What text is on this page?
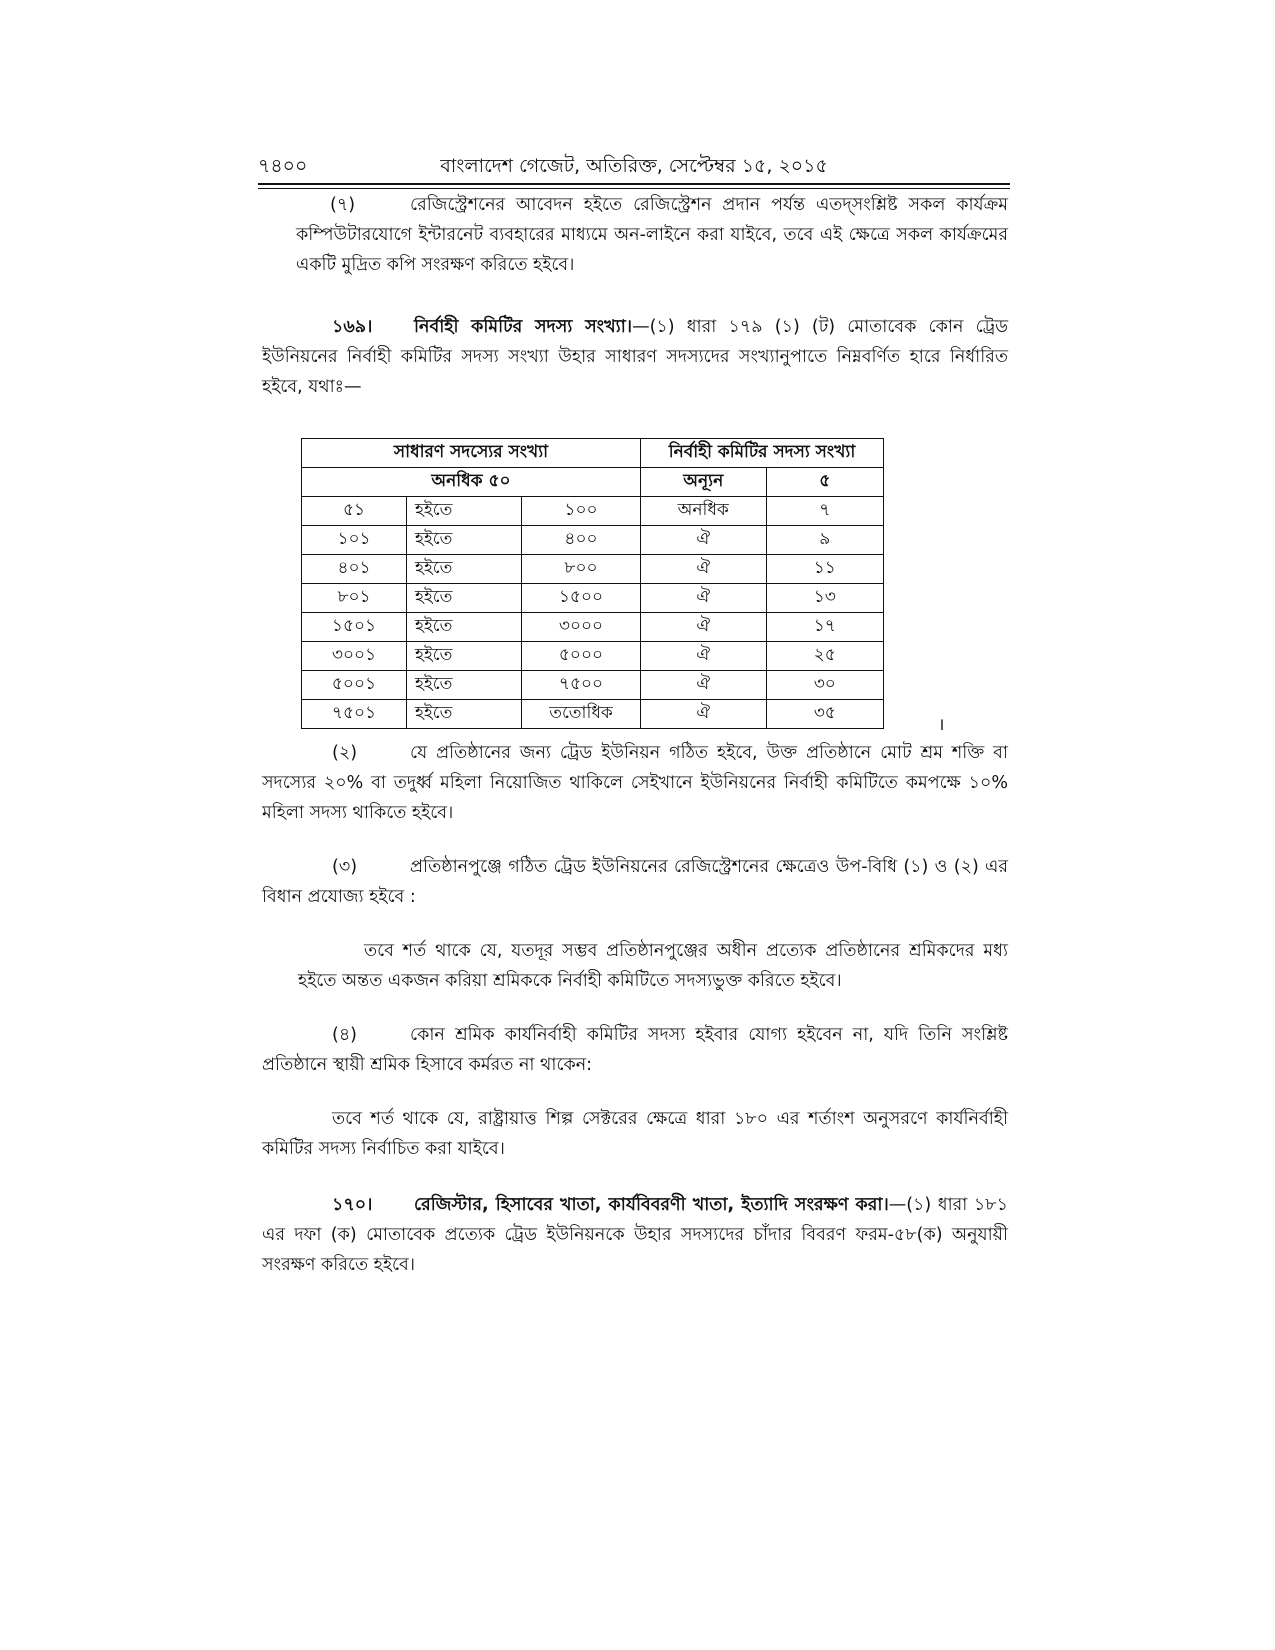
৭৪০০	বাংলাদেশ গেজেট, অতিরিক্ত, সেপ্টেম্বর ১৫, ২০১৫
(৭)	রেজিস্ট্রেশনের আবেদন হইতে রেজিস্ট্রেশন প্রদান পর্যন্ত এতদ্‌সংশ্লিষ্ট সকল কার্যক্রম কম্পিউটারযোগে ইন্টারনেট ব্যবহারের মাধ্যমে অন-লাইনে করা যাইবে, তবে এই ক্ষেত্রে সকল কার্যক্রমের একটি মুদ্রিত কপি সংরক্ষণ করিতে হইবে।
১৬৯। নির্বাহী কমিটির সদস্য সংখ্যা।—(১) ধারা ১৭৯ (১) (ট) মোতাবেক কোন ট্রেড ইউনিয়নের নির্বাহী কমিটির সদস্য সংখ্যা উহার সাধারণ সদস্যদের সংখ্যানুপাতে নিম্নবর্ণিত হারে নির্ধারিত হইবে, যথাঃ—
সাধারণ সদস্যের সংখ্যা			নির্বাহী কমিটির সদস্য সংখ্যা	
অনধিক ৫০			অন্যূন	৫
৫১	হইতে	১০০	অনধিক	৭
১০১	হইতে	৪০০	ঐ	৯
৪০১	হইতে	৮০০	ঐ	১১
৮০১	হইতে	১৫০০	ঐ	১৩
১৫০১	হইতে	৩০০০	ঐ	১৭
৩০০১	হইতে	৫০০০	ঐ	২৫
৫০০১	হইতে	৭৫০০	ঐ	৩০
৭৫০১	হইতে	ততোধিক	ঐ	৩৫
।
(২)	যে প্রতিষ্ঠানের জন্য ট্রেড ইউনিয়ন গঠিত হইবে, উক্ত প্রতিষ্ঠানে মোট শ্রম শক্তি বা সদস্যের ২০% বা তদুর্ধ্ব মহিলা নিয়োজিত থাকিলে সেইখানে ইউনিয়নের নির্বাহী কমিটিতে কমপক্ষে ১০% মহিলা সদস্য থাকিতে হইবে।
(৩)	প্রতিষ্ঠানপুঞ্জে গঠিত ট্রেড ইউনিয়নের রেজিস্ট্রেশনের ক্ষেত্রেও উপ-বিধি (১) ও (২) এর বিধান প্রযোজ্য হইবে :
তবে শর্ত থাকে যে, যতদূর সম্ভব প্রতিষ্ঠানপুঞ্জের অধীন প্রত্যেক প্রতিষ্ঠানের শ্রমিকদের মধ্য হইতে অন্তত একজন করিয়া শ্রমিককে নির্বাহী কমিটিতে সদস্যভুক্ত করিতে হইবে।
(৪)	কোন শ্রমিক কার্যনির্বাহী কমিটির সদস্য হইবার যোগ্য হইবেন না, যদি তিনি সংশ্লিষ্ট প্রতিষ্ঠানে স্থায়ী শ্রমিক হিসাবে কর্মরত না থাকেন:
তবে শর্ত থাকে যে, রাষ্ট্রায়াত্ত শিল্প সেক্টরের ক্ষেত্রে ধারা ১৮০ এর শর্তাংশ অনুসরণে কার্যনির্বাহী কমিটির সদস্য নির্বাচিত করা যাইবে।
১৭০। রেজিস্টার, হিসাবের খাতা, কার্যবিবরণী খাতা, ইত্যাদি সংরক্ষণ করা।—(১) ধারা ১৮১ এর দফা (ক) মোতাবেক প্রত্যেক ট্রেড ইউনিয়নকে উহার সদস্যদের চাঁদার বিবরণ ফরম-৫৮(ক) অনুযায়ী সংরক্ষণ করিতে হইবে।
